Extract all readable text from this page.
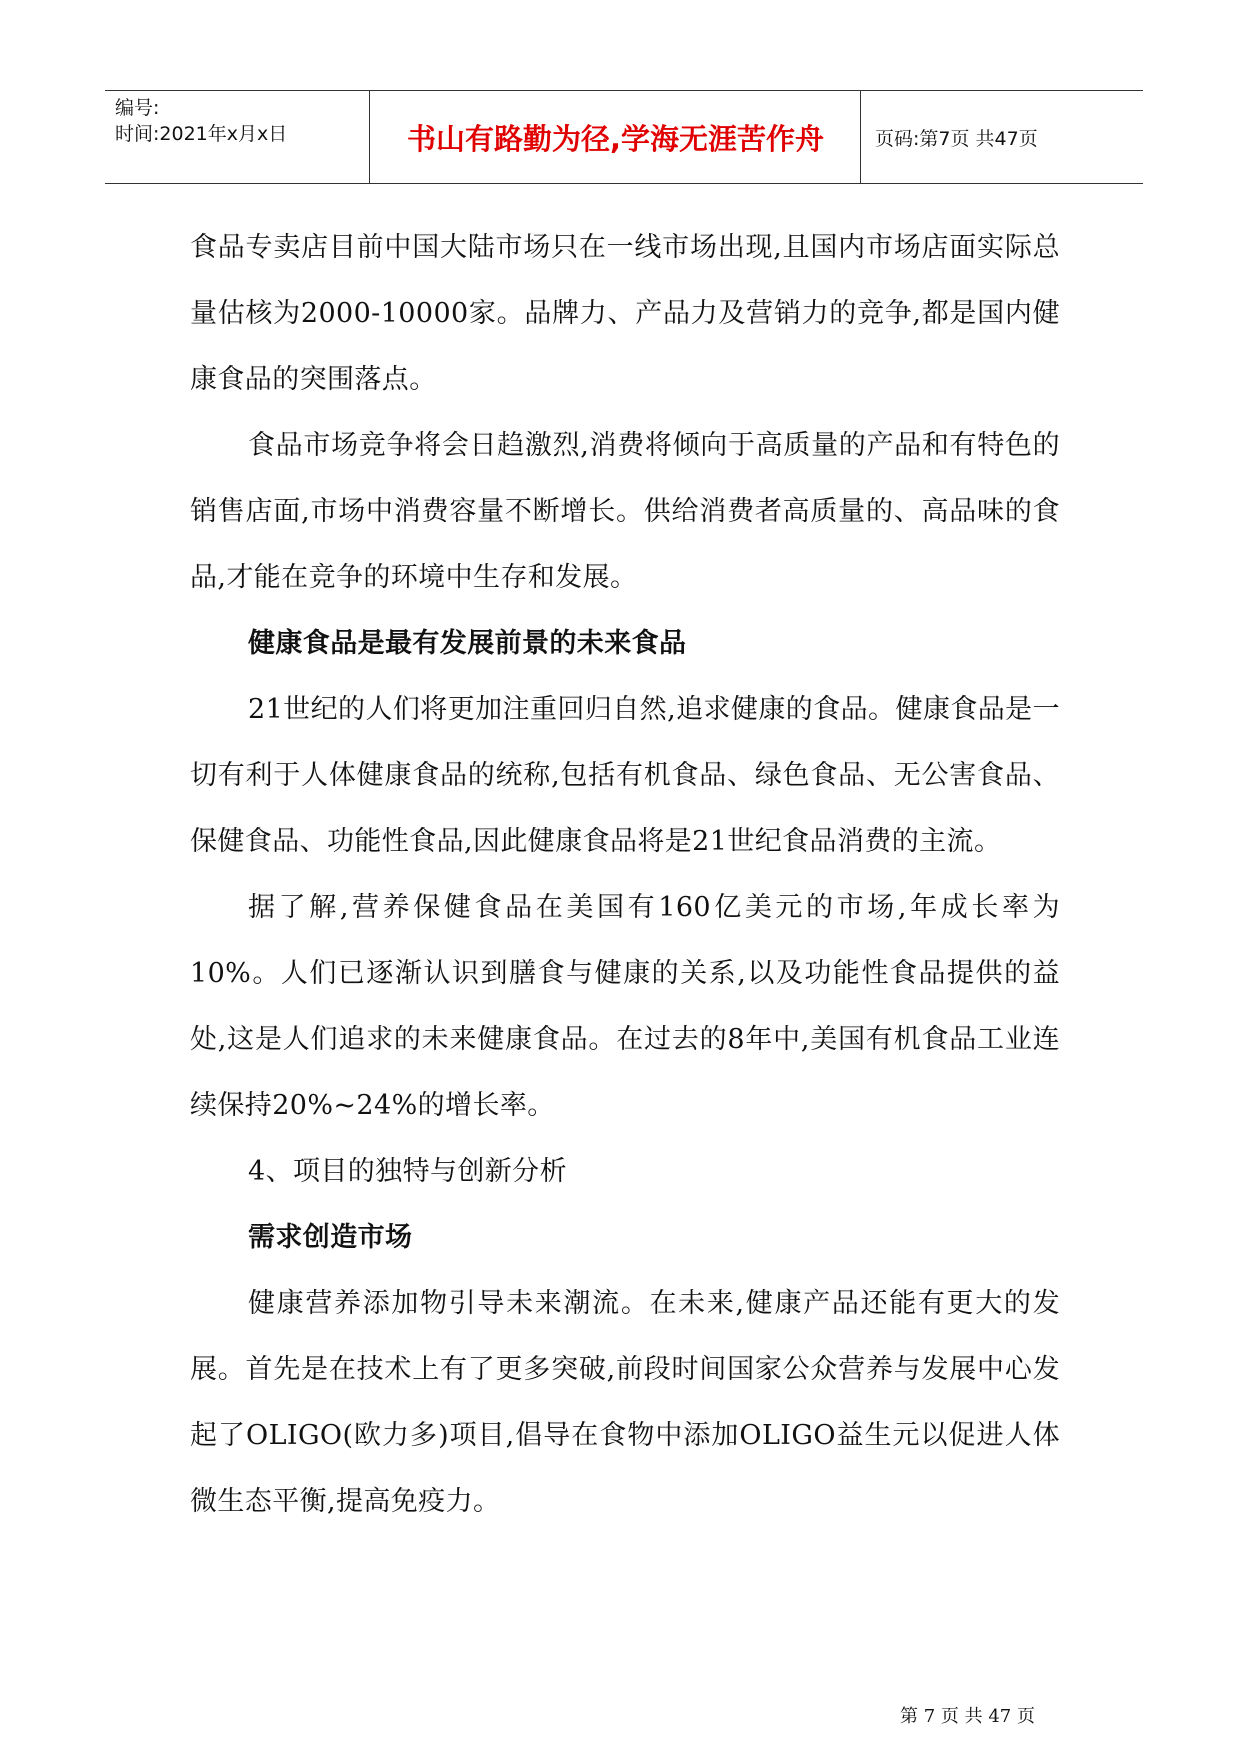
编号:
时间:2021年x月x日	书山有路勤为径,学海无涯苦作舟	页码:第7页 共47页

食品专卖店目前中国大陆市场只在一线市场出现,且国内市场店面实际总量估核为2000-10000家。品牌力、产品力及营销力的竞争,都是国内健康食品的突围落点。

食品市场竞争将会日趋激烈,消费将倾向于高质量的产品和有特色的销售店面,市场中消费容量不断增长。供给消费者高质量的、高品味的食品,才能在竞争的环境中生存和发展。

健康食品是最有发展前景的未来食品

21世纪的人们将更加注重回归自然,追求健康的食品。健康食品是一切有利于人体健康食品的统称,包括有机食品、绿色食品、无公害食品、保健食品、功能性食品,因此健康食品将是21世纪食品消费的主流。

据了解,营养保健食品在美国有160亿美元的市场,年成长率为10%。人们已逐渐认识到膳食与健康的关系,以及功能性食品提供的益处,这是人们追求的未来健康食品。在过去的8年中,美国有机食品工业连续保持20%~24%的增长率。

4、项目的独特与创新分析

需求创造市场

健康营养添加物引导未来潮流。在未来,健康产品还能有更大的发展。首先是在技术上有了更多突破,前段时间国家公众营养与发展中心发起了OLIGO(欧力多)项目,倡导在食物中添加OLIGO益生元以促进人体微生态平衡,提高免疫力。

第 7 页 共 47 页
